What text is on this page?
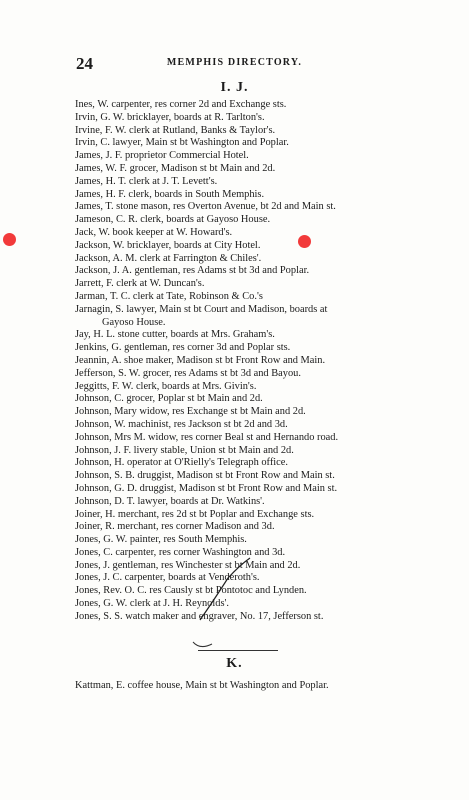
24	MEMPHIS DIRECTORY.
I. J.
Ines, W. carpenter, res corner 2d and Exchange sts.
Irvin, G. W. bricklayer, boards at R. Tarlton's.
Irvine, F. W. clerk at Rutland, Banks & Taylor's.
Irvin, C. lawyer, Main st bt Washington and Poplar.
James, J. F. proprietor Commercial Hotel.
James, W. F. grocer, Madison st bt Main and 2d.
James, H. T. clerk at J. T. Levett's.
James, H. F. clerk, boards in South Memphis.
James, T. stone mason, res Overton Avenue, bt 2d and Main st.
Jameson, C. R. clerk, boards at Gayoso House.
Jack, W. book keeper at W. Howard's.
Jackson, W. bricklayer, boards at City Hotel.
Jackson, A. M. clerk at Farrington & Chiles'.
Jackson, J. A. gentleman, res Adams st bt 3d and Poplar.
Jarrett, F. clerk at W. Duncan's.
Jarman, T. C. clerk at Tate, Robinson & Co.'s
Jarnagin, S. lawyer, Main st bt Court and Madison, boards at
Gayoso House.
Jay, H. L. stone cutter, boards at Mrs. Graham's.
Jenkins, G. gentleman, res corner 3d and Poplar sts.
Jeannin, A. shoe maker, Madison st bt Front Row and Main.
Jefferson, S. W. grocer, res Adams st bt 3d and Bayou.
Jeggitts, F. W. clerk, boards at Mrs. Givin's.
Johnson, C. grocer, Poplar st bt Main and 2d.
Johnson, Mary widow, res Exchange st bt Main and 2d.
Johnson, W. machinist, res Jackson st bt 2d and 3d.
Johnson, Mrs M. widow, res corner Beal st and Hernando road.
Johnson, J. F. livery stable, Union st bt Main and 2d.
Johnson, H. operator at O'Rielly's Telegraph office.
Johnson, S. B. druggist, Madison st bt Front Row and Main st.
Johnson, G. D. druggist, Madison st bt Front Row and Main st.
Johnson, D. T. lawyer, boards at Dr. Watkins'.
Joiner, H. merchant, res 2d st bt Poplar and Exchange sts.
Joiner, R. merchant, res corner Madison and 3d.
Jones, G. W. painter, res South Memphis.
Jones, C. carpenter, res corner Washington and 3d.
Jones, J. gentleman, res Winchester st bt Main and 2d.
Jones, J. C. carpenter, boards at Venderoth's.
Jones, Rev. O. C. res Causly st bt Pontotoc and Lynden.
Jones, G. W. clerk at J. H. Reynolds'.
Jones, S. S. watch maker and engraver, No. 17, Jefferson st.
K.
Kattman, E. coffee house, Main st bt Washington and Poplar.
